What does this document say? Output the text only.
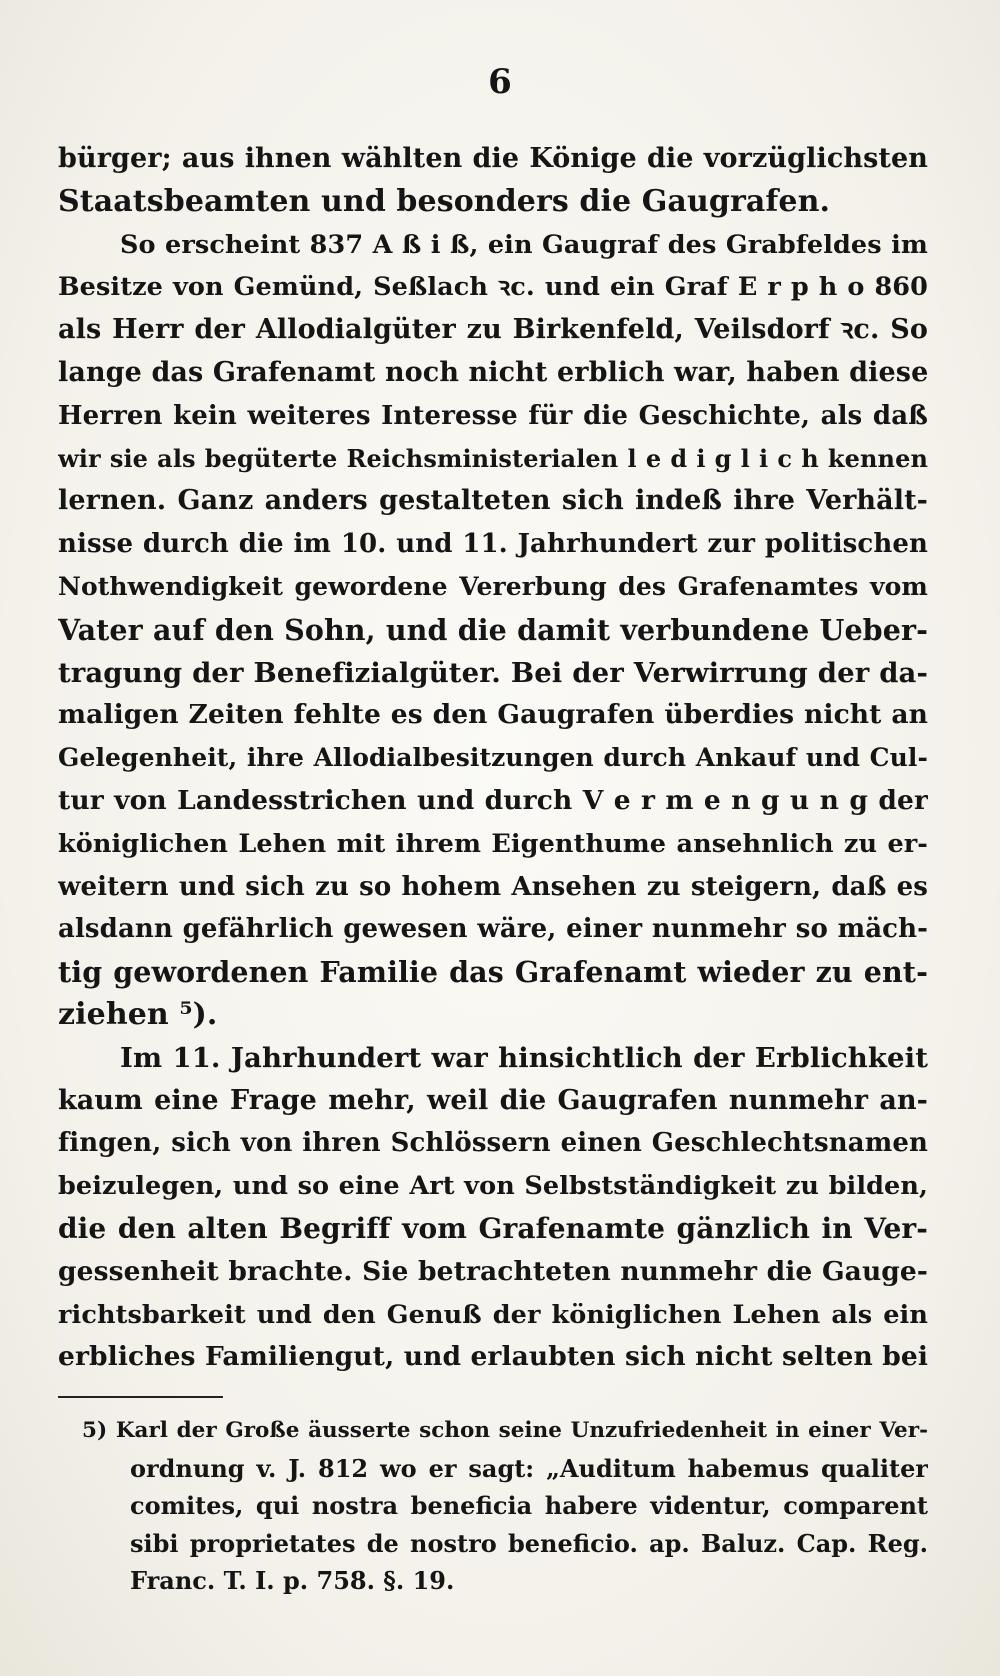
6
bürger; aus ihnen wählten die Könige die vorzüglichsten
Staatsbeamten und besonders die Gaugrafen.
So erscheint 837 A ß i ß, ein Gaugraf des Grabfeldes im
Besitze von Gemünd, Seßlach ꝛc. und ein Graf E r p h o 860
als Herr der Allodialgüter zu Birkenfeld, Veilsdorf ꝛc. So
lange das Grafenamt noch nicht erblich war, haben diese
Herren kein weiteres Interesse für die Geschichte, als daß
wir sie als begüterte Reichsministerialen l e d i g l i c h kennen
lernen. Ganz anders gestalteten sich indeß ihre Verhält-
nisse durch die im 10. und 11. Jahrhundert zur politischen
Nothwendigkeit gewordene Vererbung des Grafenamtes vom
Vater auf den Sohn, und die damit verbundene Ueber-
tragung der Benefizialgüter. Bei der Verwirrung der da-
maligen Zeiten fehlte es den Gaugrafen überdies nicht an
Gelegenheit, ihre Allodialbesitzungen durch Ankauf und Cul-
tur von Landesstrichen und durch V e r m e n g u n g der
königlichen Lehen mit ihrem Eigenthume ansehnlich zu er-
weitern und sich zu so hohem Ansehen zu steigern, daß es
alsdann gefährlich gewesen wäre, einer nunmehr so mäch-
tig gewordenen Familie das Grafenamt wieder zu ent-
ziehen ⁵).
Im 11. Jahrhundert war hinsichtlich der Erblichkeit
kaum eine Frage mehr, weil die Gaugrafen nunmehr an-
fingen, sich von ihren Schlössern einen Geschlechtsnamen
beizulegen, und so eine Art von Selbstständigkeit zu bilden,
die den alten Begriff vom Grafenamte gänzlich in Ver-
gessenheit brachte. Sie betrachteten nunmehr die Gauge-
richtsbarkeit und den Genuß der königlichen Lehen als ein
erbliches Familiengut, und erlaubten sich nicht selten bei
5) Karl der Große äusserte schon seine Unzufriedenheit in einer Ver-
ordnung v. J. 812 wo er sagt: „Auditum habemus qualiter
comites, qui nostra beneficia habere videntur, comparent
sibi proprietates de nostro beneficio. ap. Baluz. Cap. Reg.
Franc. T. I. p. 758. §. 19.
